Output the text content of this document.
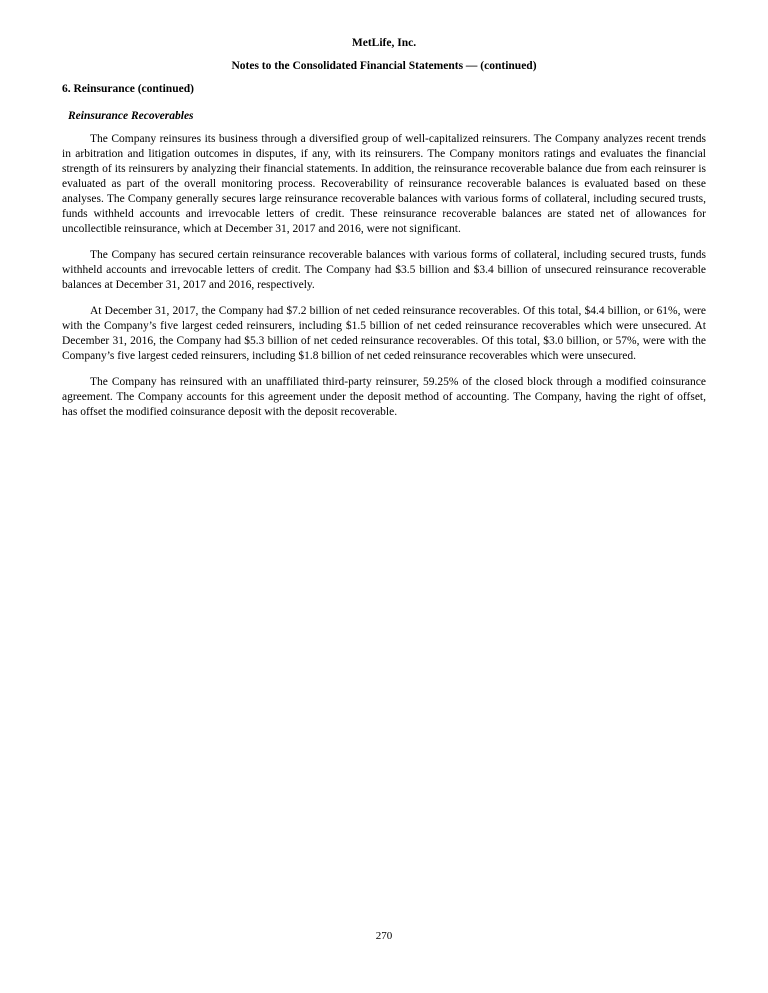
MetLife, Inc.
Notes to the Consolidated Financial Statements — (continued)
6. Reinsurance (continued)
Reinsurance Recoverables

The Company reinsures its business through a diversified group of well-capitalized reinsurers. The Company analyzes recent trends in arbitration and litigation outcomes in disputes, if any, with its reinsurers. The Company monitors ratings and evaluates the financial strength of its reinsurers by analyzing their financial statements. In addition, the reinsurance recoverable balance due from each reinsurer is evaluated as part of the overall monitoring process. Recoverability of reinsurance recoverable balances is evaluated based on these analyses. The Company generally secures large reinsurance recoverable balances with various forms of collateral, including secured trusts, funds withheld accounts and irrevocable letters of credit. These reinsurance recoverable balances are stated net of allowances for uncollectible reinsurance, which at December 31, 2017 and 2016, were not significant.

The Company has secured certain reinsurance recoverable balances with various forms of collateral, including secured trusts, funds withheld accounts and irrevocable letters of credit. The Company had $3.5 billion and $3.4 billion of unsecured reinsurance recoverable balances at December 31, 2017 and 2016, respectively.

At December 31, 2017, the Company had $7.2 billion of net ceded reinsurance recoverables. Of this total, $4.4 billion, or 61%, were with the Company’s five largest ceded reinsurers, including $1.5 billion of net ceded reinsurance recoverables which were unsecured. At December 31, 2016, the Company had $5.3 billion of net ceded reinsurance recoverables. Of this total, $3.0 billion, or 57%, were with the Company’s five largest ceded reinsurers, including $1.8 billion of net ceded reinsurance recoverables which were unsecured.

The Company has reinsured with an unaffiliated third-party reinsurer, 59.25% of the closed block through a modified coinsurance agreement. The Company accounts for this agreement under the deposit method of accounting. The Company, having the right of offset, has offset the modified coinsurance deposit with the deposit recoverable.

270
